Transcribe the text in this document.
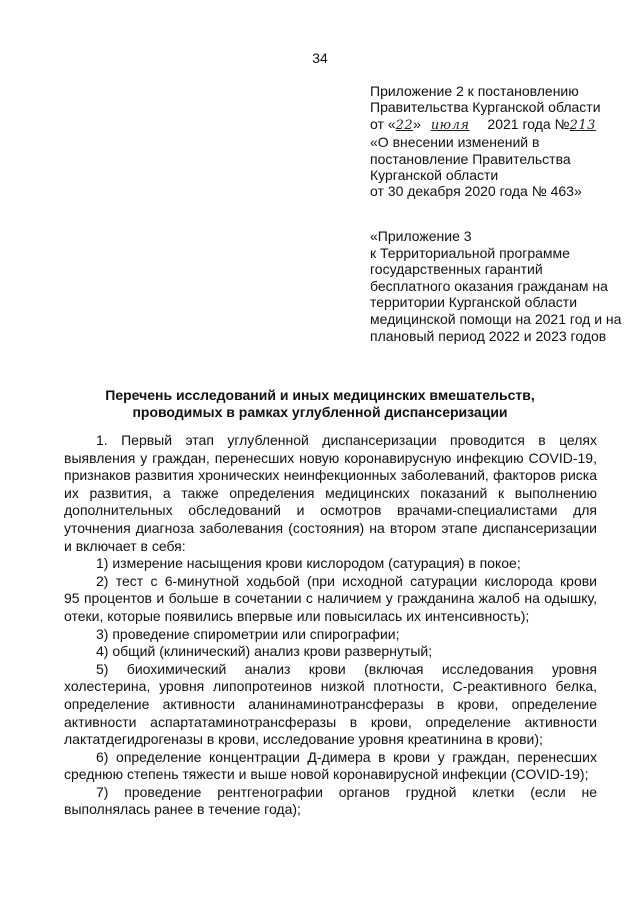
34
Приложение 2 к постановлению
Правительства Курганской области
от «22» июля 2021 года №213
«О внесении изменений в
постановление Правительства
Курганской области
от 30 декабря 2020 года № 463»
«Приложение 3
к Территориальной программе
государственных гарантий
бесплатного оказания гражданам на
территории Курганской области
медицинской помощи на 2021 год и на
плановый период 2022 и 2023 годов
Перечень исследований и иных медицинских вмешательств,
проводимых в рамках углубленной диспансеризации
1. Первый этап углубленной диспансеризации проводится в целях
выявления у граждан, перенесших новую коронавирусную инфекцию COVID-19,
признаков развития хронических неинфекционных заболеваний, факторов риска
их развития, а также определения медицинских показаний к выполнению
дополнительных обследований и осмотров врачами-специалистами для
уточнения диагноза заболевания (состояния) на втором этапе диспансеризации
и включает в себя:
1) измерение насыщения крови кислородом (сатурация) в покое;
2) тест с 6-минутной ходьбой (при исходной сатурации кислорода крови
95 процентов и больше в сочетании с наличием у гражданина жалоб на одышку,
отеки, которые появились впервые или повысилась их интенсивность);
3) проведение спирометрии или спирографии;
4) общий (клинический) анализ крови развернутый;
5) биохимический анализ крови (включая исследования уровня
холестерина, уровня липопротеинов низкой плотности, С-реактивного белка,
определение активности аланинаминотрансферазы в крови, определение
активности аспартатаминотрансферазы в крови, определение активности
лактатдегидрогеназы в крови, исследование уровня креатинина в крови);
6) определение концентрации Д-димера в крови у граждан, перенесших
среднюю степень тяжести и выше новой коронавирусной инфекции (COVID-19);
7) проведение рентгенографии органов грудной клетки (если не
выполнялась ранее в течение года);
